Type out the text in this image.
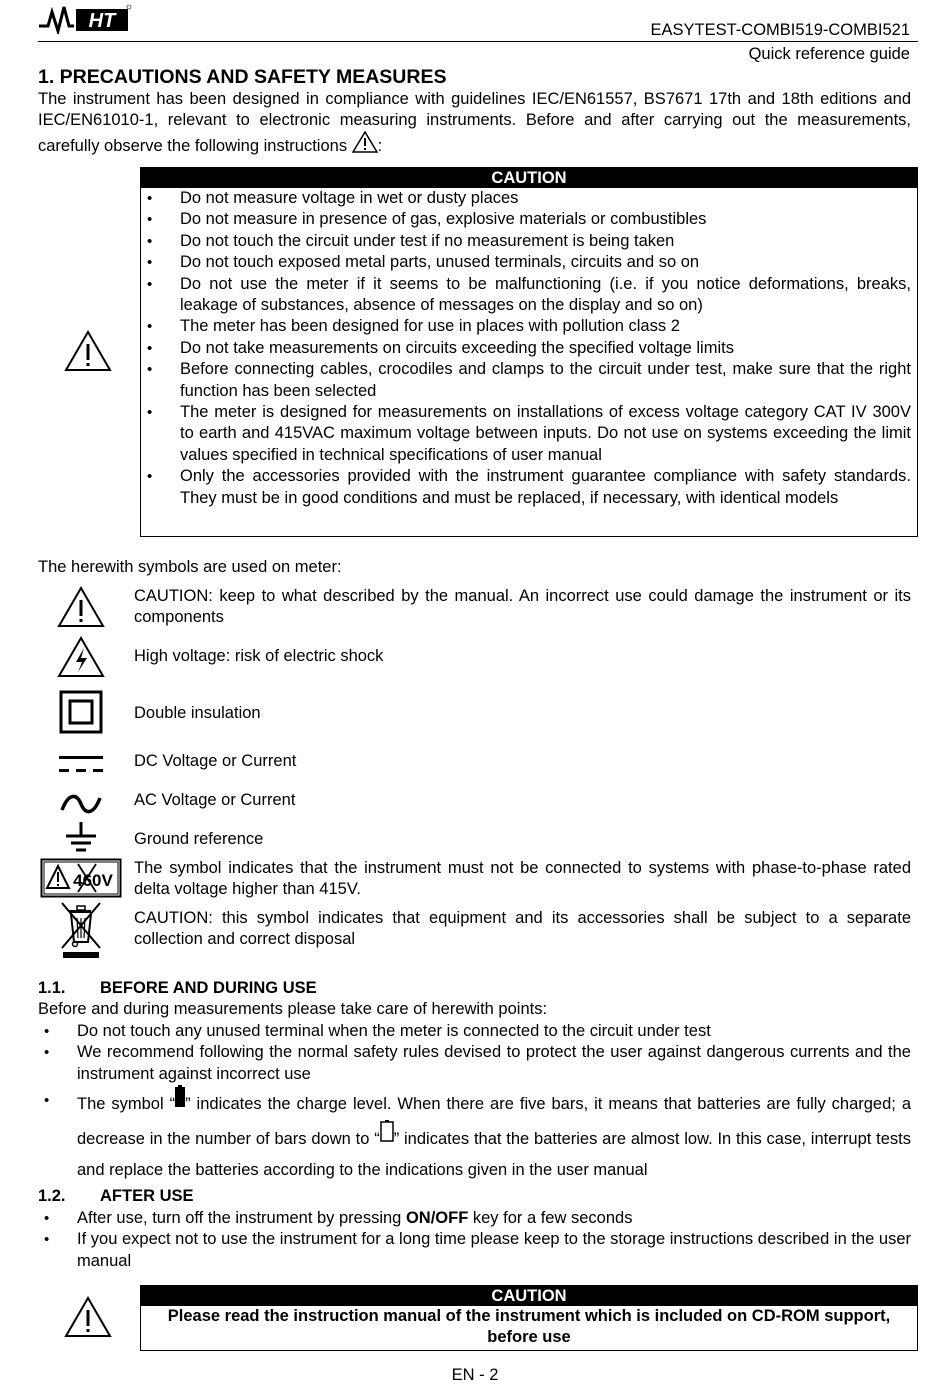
HT	EASYTEST-COMBI519-COMBI521
Quick reference guide
1. PRECAUTIONS AND SAFETY MEASURES
The instrument has been designed in compliance with guidelines IEC/EN61557, BS7671 17th and 18th editions and IEC/EN61010-1, relevant to electronic measuring instruments. Before and after carrying out the measurements, carefully observe the following instructions :
CAUTION
• Do not measure voltage in wet or dusty places
• Do not measure in presence of gas, explosive materials or combustibles
• Do not touch the circuit under test if no measurement is being taken
• Do not touch exposed metal parts, unused terminals, circuits and so on
• Do not use the meter if it seems to be malfunctioning (i.e. if you notice deformations, breaks, leakage of substances, absence of messages on the display and so on)
• The meter has been designed for use in places with pollution class 2
• Do not take measurements on circuits exceeding the specified voltage limits
• Before connecting cables, crocodiles and clamps to the circuit under test, make sure that the right function has been selected
• The meter is designed for measurements on installations of excess voltage category CAT IV 300V to earth and 415VAC maximum voltage between inputs. Do not use on systems exceeding the limit values specified in technical specifications of user manual
• Only the accessories provided with the instrument guarantee compliance with safety standards. They must be in good conditions and must be replaced, if necessary, with identical models
The herewith symbols are used on meter:
CAUTION: keep to what described by the manual. An incorrect use could damage the instrument or its components
High voltage: risk of electric shock
Double insulation
DC Voltage or Current
AC Voltage or Current
Ground reference
460V
The symbol indicates that the instrument must not be connected to systems with phase-to-phase rated delta voltage higher than 415V.
CAUTION: this symbol indicates that equipment and its accessories shall be subject to a separate collection and correct disposal
1.1. BEFORE AND DURING USE
Before and during measurements please take care of herewith points:
• Do not touch any unused terminal when the meter is connected to the circuit under test
• We recommend following the normal safety rules devised to protect the user against dangerous currents and the instrument against incorrect use
• The symbol “ ” indicates the charge level. When there are five bars, it means that batteries are fully charged; a decrease in the number of bars down to “ ” indicates that the batteries are almost low. In this case, interrupt tests and replace the batteries according to the indications given in the user manual
1.2. AFTER USE
• After use, turn off the instrument by pressing ON/OFF key for a few seconds
• If you expect not to use the instrument for a long time please keep to the storage instructions described in the user manual
CAUTION
Please read the instruction manual of the instrument which is included on CD-ROM support, before use
EN - 2
